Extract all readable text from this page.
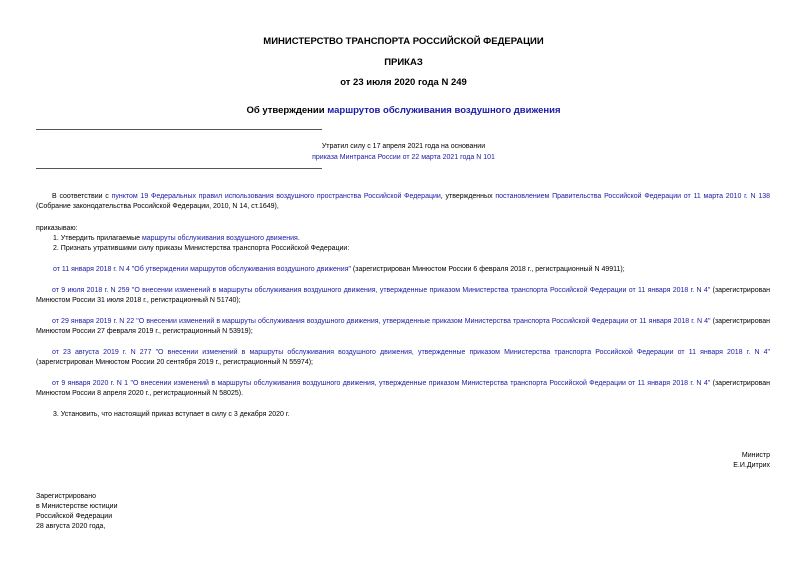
МИНИСТЕРСТВО ТРАНСПОРТА РОССИЙСКОЙ ФЕДЕРАЦИИ
ПРИКАЗ
от 23 июля 2020 года N 249
Об утверждении маршрутов обслуживания воздушного движения
Утратил силу с 17 апреля 2021 года на основании
приказа Минтранса России от 22 марта 2021 года N 101
В соответствии с пунктом 19 Федеральных правил использования воздушного пространства Российской Федерации, утвержденных постановлением Правительства Российской Федерации от 11 марта 2010 г. N 138 (Собрание законодательства Российской Федерации, 2010, N 14, ст.1649),
приказываю:
1. Утвердить прилагаемые маршруты обслуживания воздушного движения.
2. Признать утратившими силу приказы Министерства транспорта Российской Федерации:
от 11 января 2018 г. N 4 "Об утверждении маршрутов обслуживания воздушного движения" (зарегистрирован Минюстом России 6 февраля 2018 г., регистрационный N 49911);
от 9 июля 2018 г. N 259 "О внесении изменений в маршруты обслуживания воздушного движения, утвержденные приказом Министерства транспорта Российской Федерации от 11 января 2018 г. N 4" (зарегистрирован Минюстом России 31 июля 2018 г., регистрационный N 51740);
от 29 января 2019 г. N 22 "О внесении изменений в маршруты обслуживания воздушного движения, утвержденные приказом Министерства транспорта Российской Федерации от 11 января 2018 г. N 4" (зарегистрирован Минюстом России 27 февраля 2019 г., регистрационный N 53919);
от 23 августа 2019 г. N 277 "О внесении изменений в маршруты обслуживания воздушного движения, утвержденные приказом Министерства транспорта Российской Федерации от 11 января 2018 г. N 4" (зарегистрирован Минюстом России 20 сентября 2019 г., регистрационный N 55974);
от 9 января 2020 г. N 1 "О внесении изменений в маршруты обслуживания воздушного движения, утвержденные приказом Министерства транспорта Российской Федерации от 11 января 2018 г. N 4" (зарегистрирован Минюстом России 8 апреля 2020 г., регистрационный N 58025).
3. Установить, что настоящий приказ вступает в силу с 3 декабря 2020 г.
Министр
Е.И.Дитрих
Зарегистрировано
в Министерстве юстиции
Российской Федерации
28 августа 2020 года,
